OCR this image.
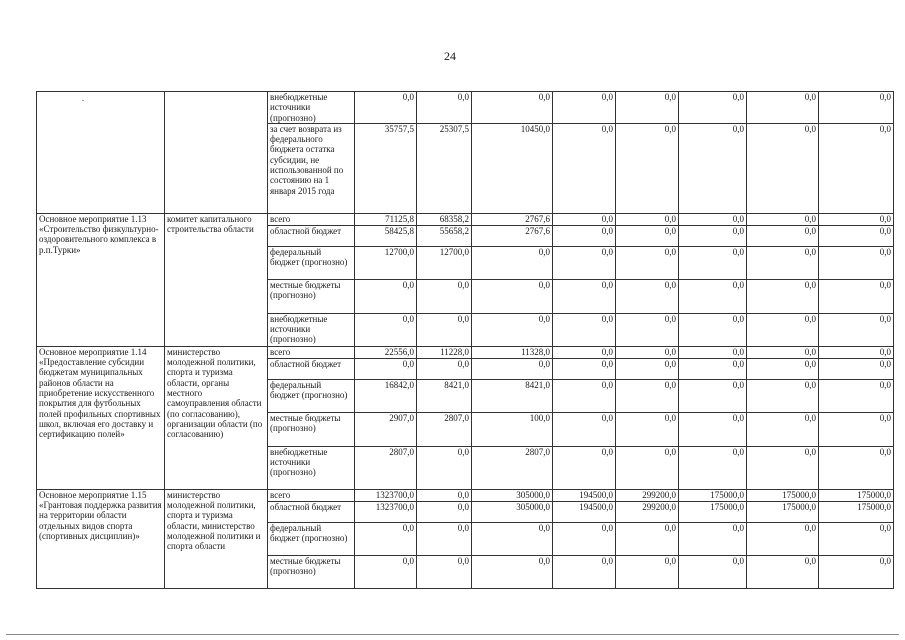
24
		внебюджетные источники (прогнозно)	0,0	0,0	0,0	0,0	0,0	0,0	0,0	0,0
		за счет возврата из федерального бюджета остатка субсидии, не использованной по состоянию на 1 января 2015 года	35757,5	25307,5	10450,0	0,0	0,0	0,0	0,0	0,0
Основное мероприятие 1.13 «Строительство физкультурно-оздоровительного комплекса в р.п.Турки»	комитет капитального строительства области	всего	71125,8	68358,2	2767,6	0,0	0,0	0,0	0,0	0,0
		областной бюджет	58425,8	55658,2	2767,6	0,0	0,0	0,0	0,0	0,0
		федеральный бюджет (прогнозно)	12700,0	12700,0	0,0	0,0	0,0	0,0	0,0	0,0
		местные бюджеты (прогнозно)	0,0	0,0	0,0	0,0	0,0	0,0	0,0	0,0
		внебюджетные источники (прогнозно)	0,0	0,0	0,0	0,0	0,0	0,0	0,0	0,0
Основное мероприятие 1.14 «Предоставление субсидии бюджетам муниципальных районов области на приобретение искусственного покрытия для футбольных полей профильных спортивных школ, включая его доставку и сертификацию полей»	министерство молодежной политики, спорта и туризма области, органы местного самоуправления области (по согласованию), организации области (по согласованию)	всего	22556,0	11228,0	11328,0	0,0	0,0	0,0	0,0	0,0
		областной бюджет	0,0	0,0	0,0	0,0	0,0	0,0	0,0	0,0
		федеральный бюджет (прогнозно)	16842,0	8421,0	8421,0	0,0	0,0	0,0	0,0	0,0
		местные бюджеты (прогнозно)	2907,0	2807,0	100,0	0,0	0,0	0,0	0,0	0,0
		внебюджетные источники (прогнозно)	2807,0	0,0	2807,0	0,0	0,0	0,0	0,0	0,0
Основное мероприятие 1.15 «Грантовая поддержка развития на территории области отдельных видов спорта (спортивных дисциплин)»	министерство молодежной политики, спорта и туризма области, министерство молодежной политики и спорта области	всего	1323700,0	0,0	305000,0	194500,0	299200,0	175000,0	175000,0	175000,0
		областной бюджет	1323700,0	0,0	305000,0	194500,0	299200,0	175000,0	175000,0	175000,0
		федеральный бюджет (прогнозно)	0,0	0,0	0,0	0,0	0,0	0,0	0,0	0,0
		местные бюджеты (прогнозно)	0,0	0,0	0,0	0,0	0,0	0,0	0,0	0,0
